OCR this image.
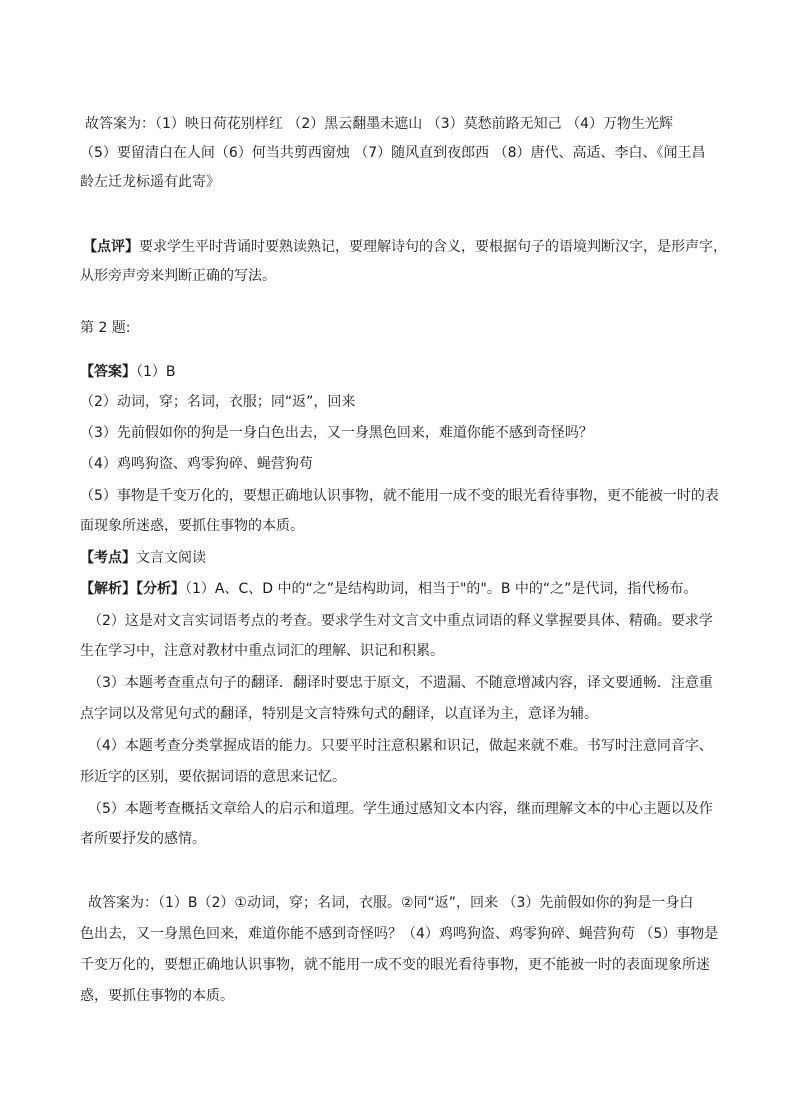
故答案为：（1）映日荷花别样红 （2）黑云翻墨未遮山 （3）莫愁前路无知己 （4）万物生光辉
（5）要留清白在人间（6）何当共剪西窗烛 （7）随风直到夜郎西 （8）唐代、高适、李白、《闻王昌
龄左迁龙标遥有此寄》
【点评】要求学生平时背诵时要熟读熟记，要理解诗句的含义，要根据句子的语境判断汉字，是形声字，
从形旁声旁来判断正确的写法。
第 2 题:
【答案】（1）B
（2）动词，穿；名词，衣服；同“返”，回来
（3）先前假如你的狗是一身白色出去，又一身黑色回来，难道你能不感到奇怪吗？
（4）鸡鸣狗盗、鸡零狗碎、蝇营狗苟
（5）事物是千变万化的，要想正确地认识事物，就不能用一成不变的眼光看待事物，更不能被一时的表
面现象所迷惑，要抓住事物的本质。
【考点】文言文阅读
【解析】【分析】（1）A、C、D 中的“之”是结构助词，相当于"的"。B 中的“之”是代词，指代杨布。
（2）这是对文言实词语考点的考查。要求学生对文言文中重点词语的释义掌握要具体、精确。要求学
生在学习中，注意对教材中重点词汇的理解、识记和积累。
（3）本题考查重点句子的翻译．翻译时要忠于原文，不遗漏、不随意增减内容，译文要通畅．注意重
点字词以及常见句式的翻译，特别是文言特殊句式的翻译，以直译为主，意译为辅。
（4）本题考查分类掌握成语的能力。只要平时注意积累和识记，做起来就不难。书写时注意同音字、
形近字的区别，要依据词语的意思来记忆。
（5）本题考查概括文章给人的启示和道理。学生通过感知文本内容，继而理解文本的中心主题以及作
者所要抒发的感情。
故答案为：（1）B（2）①动词，穿；名词，衣服。②同“返”，回来 （3）先前假如你的狗是一身白
色出去，又一身黑色回来，难道你能不感到奇怪吗？（4）鸡鸣狗盗、鸡零狗碎、蝇营狗苟 （5）事物是
千变万化的，要想正确地认识事物，就不能用一成不变的眼光看待事物，更不能被一时的表面现象所迷
惑，要抓住事物的本质。
